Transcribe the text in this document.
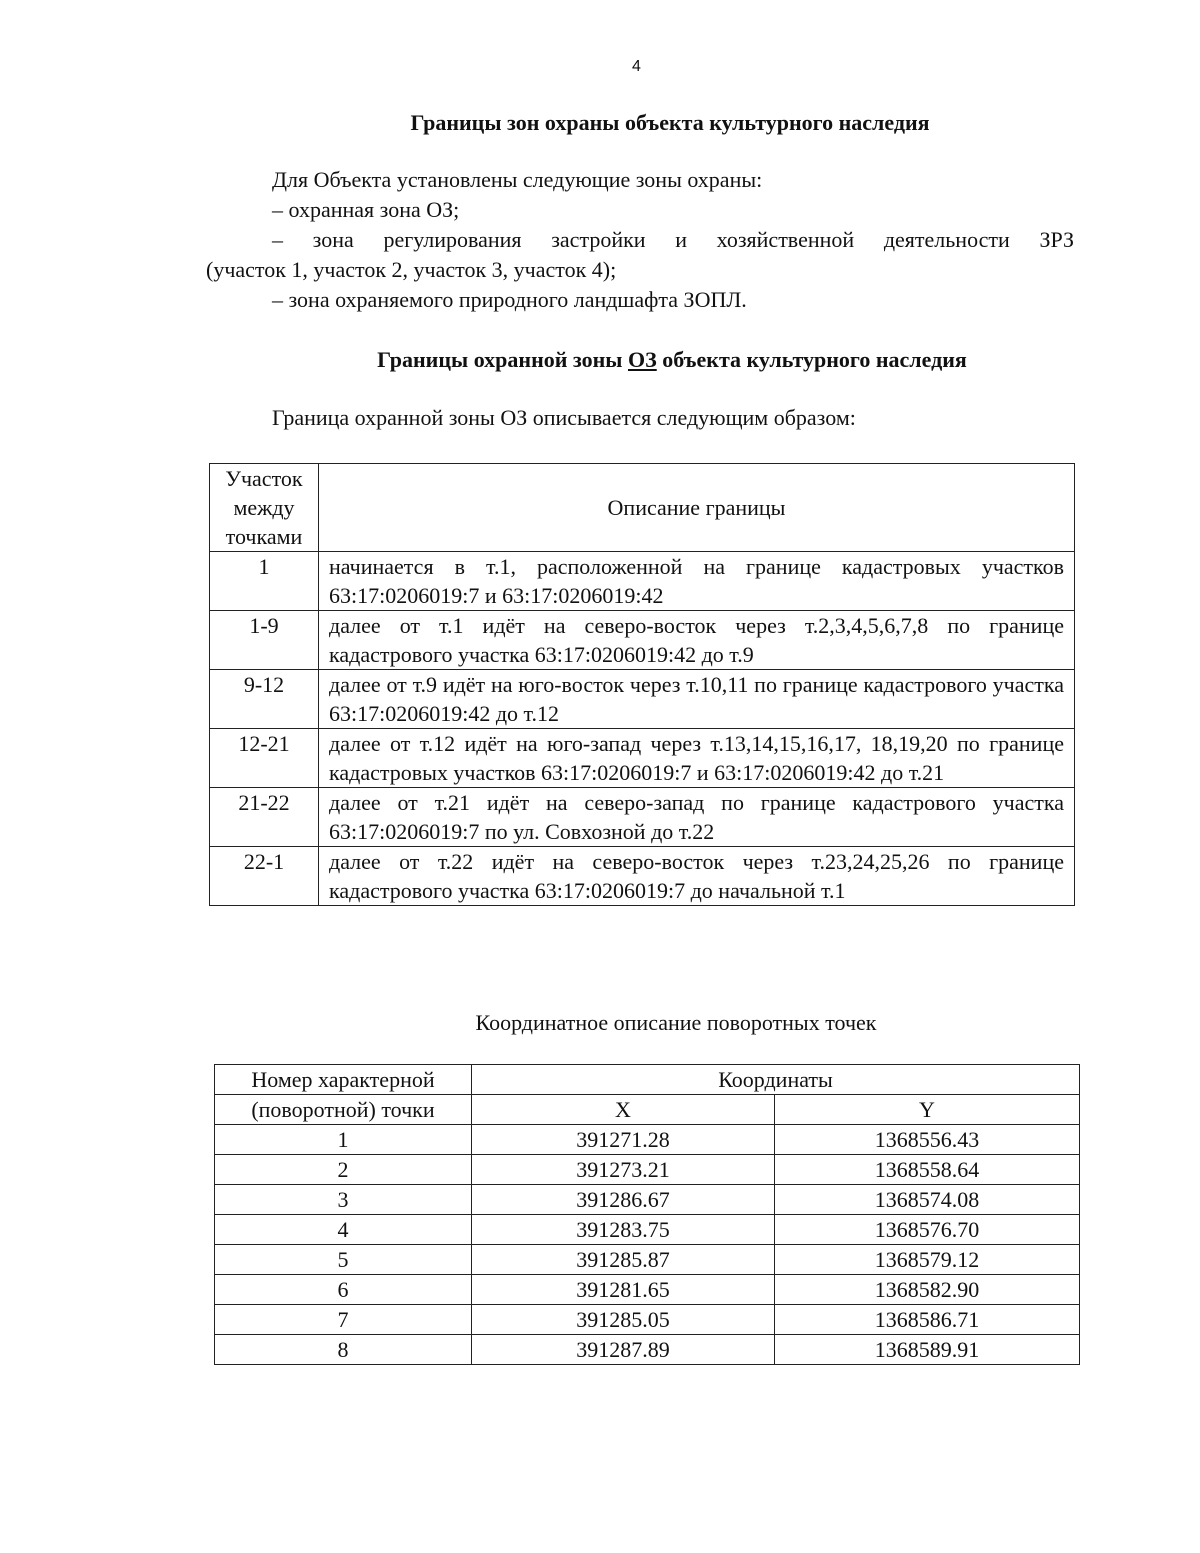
4
Границы зон охраны объекта культурного наследия
Для Объекта установлены следующие зоны охраны:
– охранная зона ОЗ;
– зона регулирования застройки и хозяйственной деятельности ЗРЗ
(участок 1, участок 2, участок 3, участок 4);
– зона охраняемого природного ландшафта ЗОПЛ.
Границы охранной зоны ОЗ объекта культурного наследия
Граница охранной зоны ОЗ описывается следующим образом:
Участок
между
точками	Описание границы
1	начинается в т.1, расположенной на границе кадастровых участков 63:17:0206019:7 и 63:17:0206019:42
1-9	далее от т.1 идёт на северо-восток через т.2,3,4,5,6,7,8 по границе кадастрового участка 63:17:0206019:42 до т.9
9-12	далее от т.9 идёт на юго-восток через т.10,11 по границе кадастрового участка 63:17:0206019:42 до т.12
12-21	далее от т.12 идёт на юго-запад через т.13,14,15,16,17, 18,19,20 по границе кадастровых участков 63:17:0206019:7 и 63:17:0206019:42 до т.21
21-22	далее от т.21 идёт на северо-запад по границе кадастрового участка 63:17:0206019:7 по ул. Совхозной до т.22
22-1	далее от т.22 идёт на северо-восток через т.23,24,25,26 по границе кадастрового участка 63:17:0206019:7 до начальной т.1
Координатное описание поворотных точек
Номер характерной	Координаты	
(поворотной) точки	X	Y
1	391271.28	1368556.43
2	391273.21	1368558.64
3	391286.67	1368574.08
4	391283.75	1368576.70
5	391285.87	1368579.12
6	391281.65	1368582.90
7	391285.05	1368586.71
8	391287.89	1368589.91
